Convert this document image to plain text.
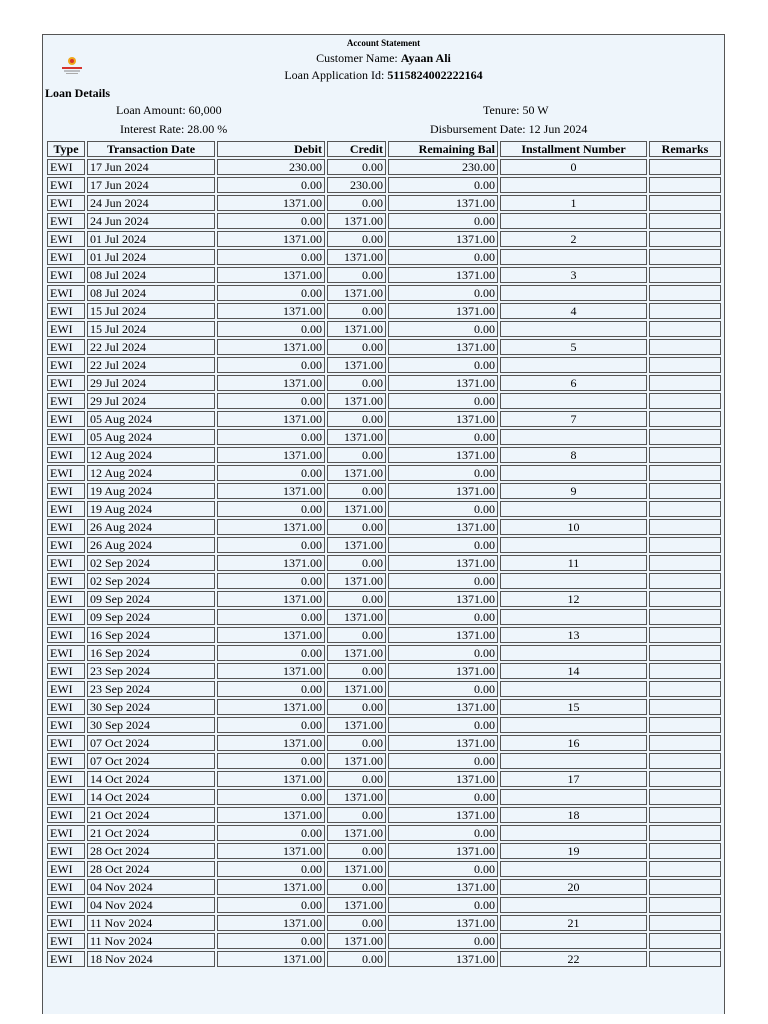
Account Statement
Customer Name: Ayaan Ali
Loan Application Id: 5115824002222164
Loan Details
Loan Amount: 60,000	Tenure: 50 W
Interest Rate: 28.00 %	Disbursement Date: 12 Jun 2024
Type	Transaction Date	Debit	Credit	Remaining Bal	Installment Number	Remarks
EWI	17 Jun 2024	230.00	0.00	230.00	0	
EWI	17 Jun 2024	0.00	230.00	0.00		
EWI	24 Jun 2024	1371.00	0.00	1371.00	1	
EWI	24 Jun 2024	0.00	1371.00	0.00		
EWI	01 Jul 2024	1371.00	0.00	1371.00	2	
EWI	01 Jul 2024	0.00	1371.00	0.00		
EWI	08 Jul 2024	1371.00	0.00	1371.00	3	
EWI	08 Jul 2024	0.00	1371.00	0.00		
EWI	15 Jul 2024	1371.00	0.00	1371.00	4	
EWI	15 Jul 2024	0.00	1371.00	0.00		
EWI	22 Jul 2024	1371.00	0.00	1371.00	5	
EWI	22 Jul 2024	0.00	1371.00	0.00		
EWI	29 Jul 2024	1371.00	0.00	1371.00	6	
EWI	29 Jul 2024	0.00	1371.00	0.00		
EWI	05 Aug 2024	1371.00	0.00	1371.00	7	
EWI	05 Aug 2024	0.00	1371.00	0.00		
EWI	12 Aug 2024	1371.00	0.00	1371.00	8	
EWI	12 Aug 2024	0.00	1371.00	0.00		
EWI	19 Aug 2024	1371.00	0.00	1371.00	9	
EWI	19 Aug 2024	0.00	1371.00	0.00		
EWI	26 Aug 2024	1371.00	0.00	1371.00	10	
EWI	26 Aug 2024	0.00	1371.00	0.00		
EWI	02 Sep 2024	1371.00	0.00	1371.00	11	
EWI	02 Sep 2024	0.00	1371.00	0.00		
EWI	09 Sep 2024	1371.00	0.00	1371.00	12	
EWI	09 Sep 2024	0.00	1371.00	0.00		
EWI	16 Sep 2024	1371.00	0.00	1371.00	13	
EWI	16 Sep 2024	0.00	1371.00	0.00		
EWI	23 Sep 2024	1371.00	0.00	1371.00	14	
EWI	23 Sep 2024	0.00	1371.00	0.00		
EWI	30 Sep 2024	1371.00	0.00	1371.00	15	
EWI	30 Sep 2024	0.00	1371.00	0.00		
EWI	07 Oct 2024	1371.00	0.00	1371.00	16	
EWI	07 Oct 2024	0.00	1371.00	0.00		
EWI	14 Oct 2024	1371.00	0.00	1371.00	17	
EWI	14 Oct 2024	0.00	1371.00	0.00		
EWI	21 Oct 2024	1371.00	0.00	1371.00	18	
EWI	21 Oct 2024	0.00	1371.00	0.00		
EWI	28 Oct 2024	1371.00	0.00	1371.00	19	
EWI	28 Oct 2024	0.00	1371.00	0.00		
EWI	04 Nov 2024	1371.00	0.00	1371.00	20	
EWI	04 Nov 2024	0.00	1371.00	0.00		
EWI	11 Nov 2024	1371.00	0.00	1371.00	21	
EWI	11 Nov 2024	0.00	1371.00	0.00		
EWI	18 Nov 2024	1371.00	0.00	1371.00	22	
